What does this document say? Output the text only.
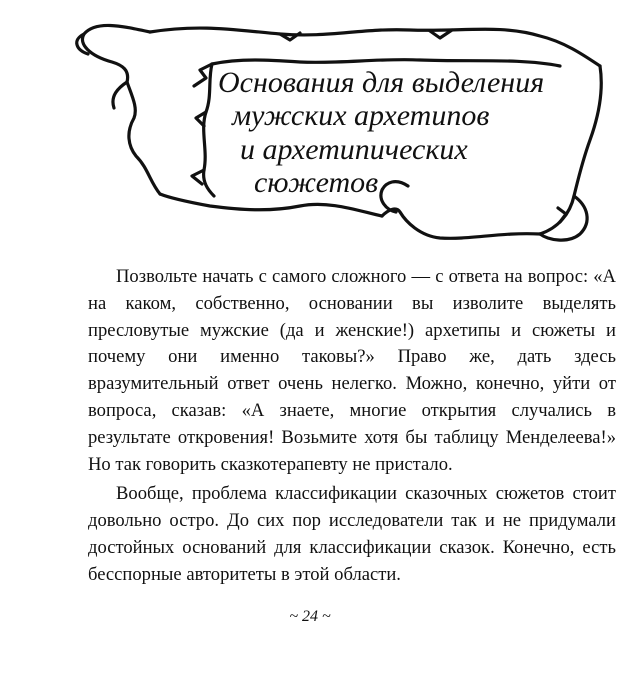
Основания для выделения
мужских архетипов
и архетипических
сюжетов

Позвольте начать с самого сложного — с ответа на вопрос: «А на каком, собственно, основании вы изволите выделять пресловутые мужские (да и женские!) архетипы и сюжеты и почему они именно таковы?» Право же, дать здесь вразумительный ответ очень нелегко. Можно, конечно, уйти от вопроса, сказав: «А знаете, многие открытия случались в результате откровения! Возьмите хотя бы таблицу Менделеева!» Но так говорить сказкотерапевту не пристало.

Вообще, проблема классификации сказочных сюжетов стоит довольно остро. До сих пор исследователи так и не придумали достойных оснований для классификации сказок. Конечно, есть бесспорные авторитеты в этой области.

~ 24 ~
